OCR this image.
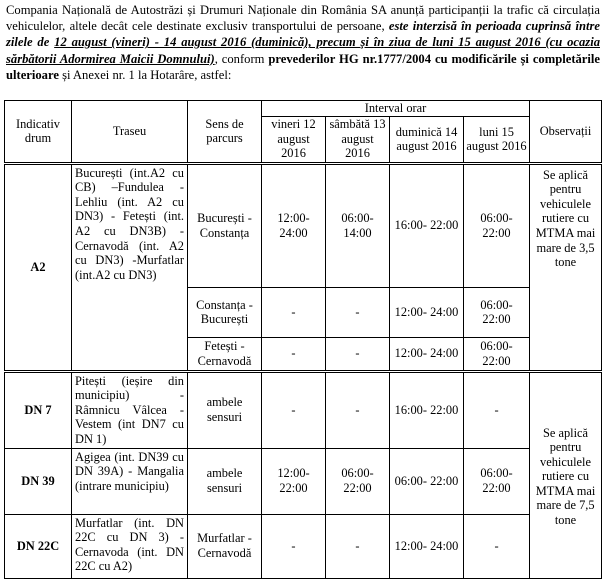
Compania Națională de Autostrăzi și Drumuri Naționale din România SA anunță participanții la trafic că circulația vehiculelor, altele decât cele destinate exclusiv transportului de persoane, este interzisă în perioada cuprinsă între zilele de 12 august (vineri) - 14 august 2016 (duminică), precum și în ziua de luni 15 august 2016 (cu ocazia sărbătorii Adormirea Maicii Domnului), conform prevederilor HG nr.1777/2004 cu modificările și completările ulterioare și Anexei nr. 1 la Hotarâre, astfel:
Indicativ drum	Traseu	Sens de parcurs	Interval orar				Observații
			vineri 12 august 2016	sâmbătă 13 august 2016	duminică 14 august 2016	luni 15 august 2016	
A2	București (int.A2 cu CB) –Fundulea - Lehliu (int. A2 cu DN3) - Fetești (int. A2 cu DN3B) - Cernavodă (int. A2 cu DN3) -Murfatlar (int.A2 cu DN3)	București - Constanța	12:00- 24:00	06:00- 14:00	16:00- 22:00	06:00- 22:00	Se aplică pentru vehiculele rutiere cu MTMA mai mare de 3,5 tone
		Constanța - București	-	-	12:00- 24:00	06:00- 22:00	
		Fetești - Cernavodă	-	-	12:00- 24:00	06:00- 22:00	
DN 7	Pitești (ieșire din municipiu) - Râmnicu Vâlcea - Vestem (int DN7 cu DN 1)	ambele sensuri	-	-	16:00- 22:00	-	Se aplică pentru vehiculele rutiere cu MTMA mai mare de 7,5 tone
DN 39	Agigea (int. DN39 cu DN 39A) - Mangalia (intrare municipiu)	ambele sensuri	12:00- 22:00	06:00- 22:00	06:00- 22:00	06:00- 22:00	
DN 22C	Murfatlar (int. DN 22C cu DN 3) - Cernavoda (int. DN 22C cu A2)	Murfatlar - Cernavodă	-	-	12:00- 24:00	-	
